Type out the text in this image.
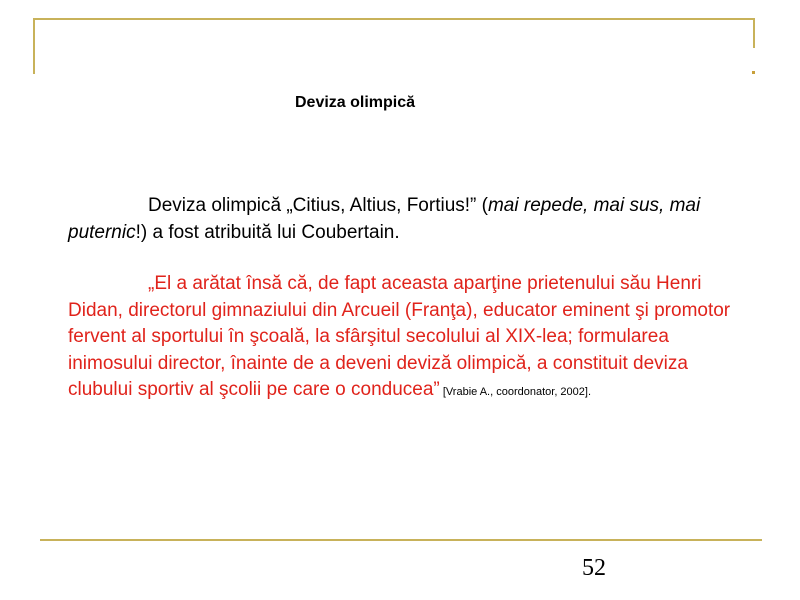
Deviza olimpică

Deviza olimpică „Citius, Altius, Fortius!” (mai repede, mai sus, mai puternic!) a fost atribuită lui Coubertain.

„El a arătat însă că, de fapt aceasta aparţine prietenului său Henri Didan, directorul gimnaziului din Arcueil (Franţa), educator eminent şi promotor fervent al sportului în şcoală, la sfârşitul secolului al XIX-lea; formularea inimosului director, înainte de a deveni deviză olimpică, a constituit deviza clubului sportiv al şcolii pe care o conducea” [Vrabie A., coordonator, 2002].

52
